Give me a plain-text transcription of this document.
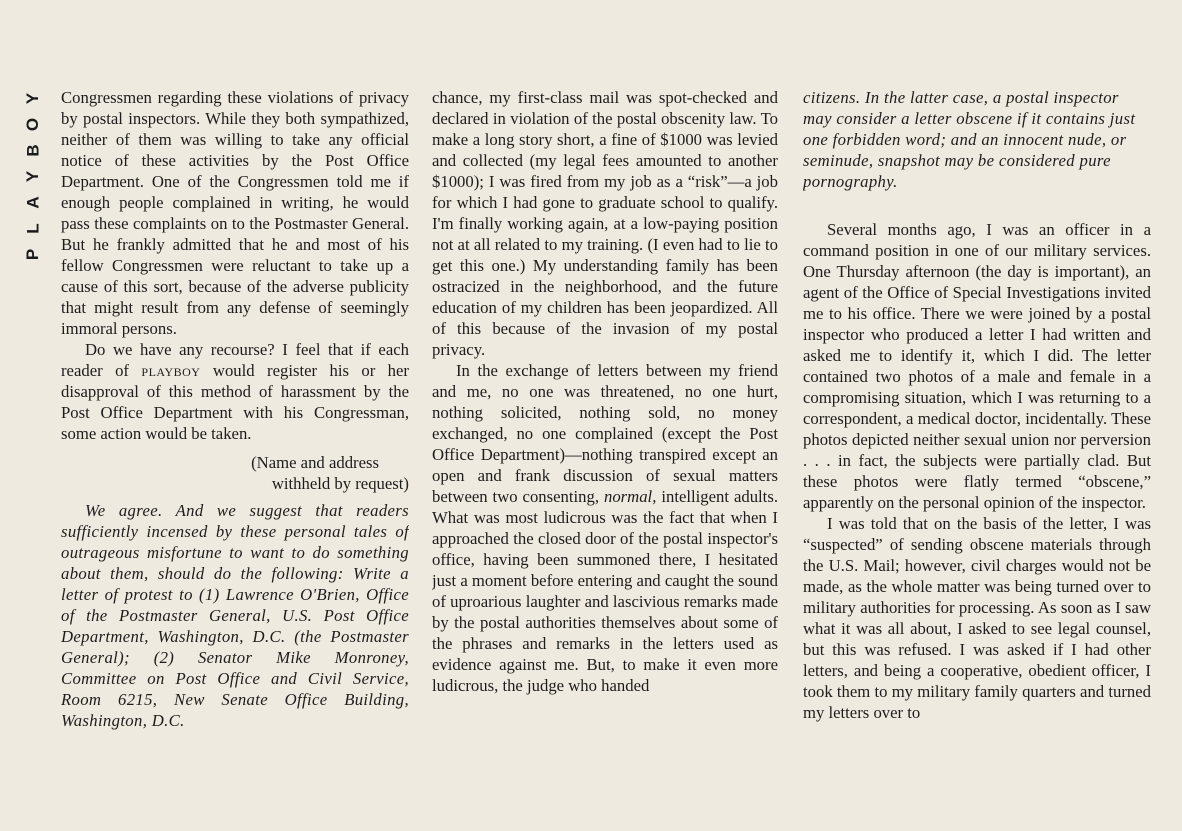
Y
O
B
Y
A
L
P

Congressmen regarding these violations of privacy by postal inspectors. While they both sympathized, neither of them was willing to take any official notice of these activities by the Post Office Department. One of the Congressmen told me if enough people complained in writing, he would pass these complaints on to the Postmaster General. But he frankly admitted that he and most of his fellow Congressmen were reluctant to take up a cause of this sort, because of the adverse publicity that might result from any defense of seemingly immoral persons.

Do we have any recourse? I feel that if each reader of playboy would register his or her disapproval of this method of harassment by the Post Office Department with his Congressman, some action would be taken.

(Name and address
withheld by request)

We agree. And we suggest that readers sufficiently incensed by these personal tales of outrageous misfortune to want to do something about them, should do the following: Write a letter of protest to (1) Lawrence O'Brien, Office of the Postmaster General, U.S. Post Office Department, Washington, D.C. (the Postmaster General); (2) Senator Mike Monroney, Committee on Post Office and Civil Service, Room 6215, New Senate Office Building, Washington, D.C.

chance, my first-class mail was spot-checked and declared in violation of the postal obscenity law. To make a long story short, a fine of $1000 was levied and collected (my legal fees amounted to another $1000); I was fired from my job as a “risk”—a job for which I had gone to graduate school to qualify. I'm finally working again, at a low-paying position not at all related to my training. (I even had to lie to get this one.) My understanding family has been ostracized in the neighborhood, and the future education of my children has been jeopardized. All of this because of the invasion of my postal privacy.

In the exchange of letters between my friend and me, no one was threatened, no one hurt, nothing solicited, nothing sold, no money exchanged, no one complained (except the Post Office Department)—nothing transpired except an open and frank discussion of sexual matters between two consenting, normal, intelligent adults. What was most ludicrous was the fact that when I approached the closed door of the postal inspector's office, having been summoned there, I hesitated just a moment before entering and caught the sound of uproarious laughter and lascivious remarks made by the postal authorities themselves about some of the phrases and remarks in the letters used as evidence against me. But, to make it even more ludicrous, the judge who handed

citizens. In the latter case, a postal inspector may consider a letter obscene if it contains just one forbidden word; and an innocent nude, or seminude, snapshot may be considered pure pornography.

Several months ago, I was an officer in a command position in one of our military services. One Thursday afternoon (the day is important), an agent of the Office of Special Investigations invited me to his office. There we were joined by a postal inspector who produced a letter I had written and asked me to identify it, which I did. The letter contained two photos of a male and female in a compromising situation, which I was returning to a correspondent, a medical doctor, incidentally. These photos depicted neither sexual union nor perversion . . . in fact, the subjects were partially clad. But these photos were flatly termed “obscene,” apparently on the personal opinion of the inspector.

I was told that on the basis of the letter, I was “suspected” of sending obscene materials through the U.S. Mail; however, civil charges would not be made, as the whole matter was being turned over to military authorities for processing. As soon as I saw what it was all about, I asked to see legal counsel, but this was refused. I was asked if I had other letters, and being a cooperative, obedient officer, I took them to my military family quarters and turned my letters over to
